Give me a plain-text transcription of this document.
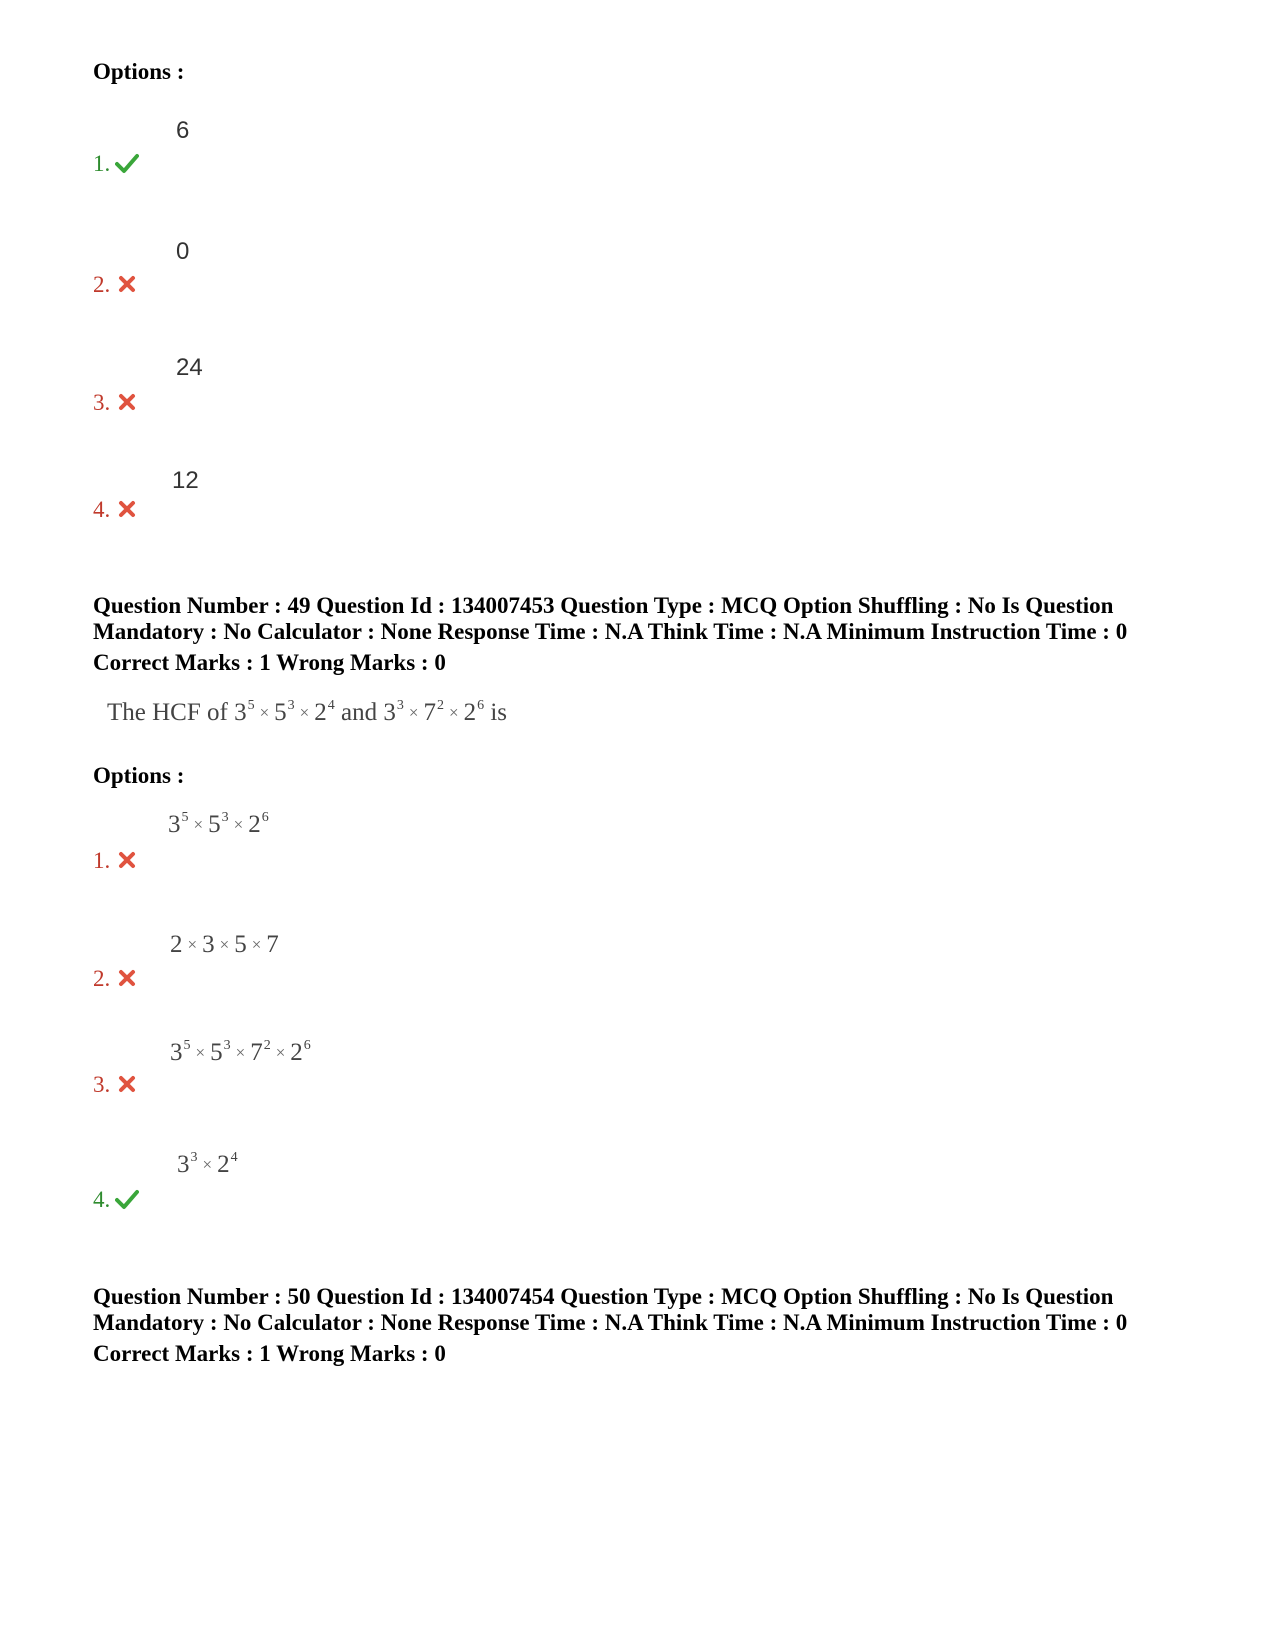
Options :
6
1.
0
2.
24
3.
12
4.
Question Number : 49 Question Id : 134007453 Question Type : MCQ Option Shuffling : No Is Question
Mandatory : No Calculator : None Response Time : N.A Think Time : N.A Minimum Instruction Time : 0
Correct Marks : 1 Wrong Marks : 0
The HCF of $3^5 \times 5^3 \times 2^4$ and $3^3 \times 7^2 \times 2^6$ is
Options :
$3^5 \times 5^3 \times 2^6$
1.
2 × 3 × 5 × 7
2.
$3^5 \times 5^3 \times 7^2 \times 2^6$
3.
$3^3 \times 2^4$
4.
Question Number : 50 Question Id : 134007454 Question Type : MCQ Option Shuffling : No Is Question
Mandatory : No Calculator : None Response Time : N.A Think Time : N.A Minimum Instruction Time : 0
Correct Marks : 1 Wrong Marks : 0
